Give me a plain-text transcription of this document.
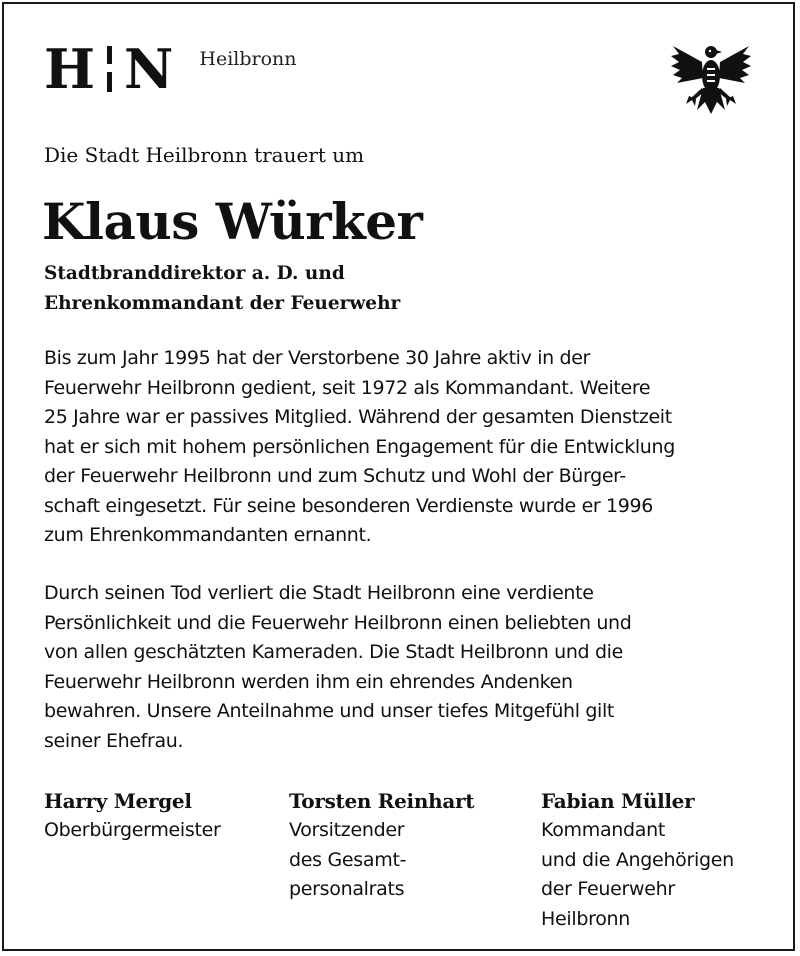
H N Heilbronn
Die Stadt Heilbronn trauert um
Klaus Würker
Stadtbranddirektor a. D. und
Ehrenkommandant der Feuerwehr
Bis zum Jahr 1995 hat der Verstorbene 30 Jahre aktiv in der
Feuerwehr Heilbronn gedient, seit 1972 als Kommandant. Weitere
25 Jahre war er passives Mitglied. Während der gesamten Dienstzeit
hat er sich mit hohem persönlichen Engagement für die Entwicklung
der Feuerwehr Heilbronn und zum Schutz und Wohl der Bürger-
schaft eingesetzt. Für seine besonderen Verdienste wurde er 1996
zum Ehrenkommandanten ernannt.
Durch seinen Tod verliert die Stadt Heilbronn eine verdiente
Persönlichkeit und die Feuerwehr Heilbronn einen beliebten und
von allen geschätzten Kameraden. Die Stadt Heilbronn und die
Feuerwehr Heilbronn werden ihm ein ehrendes Andenken
bewahren. Unsere Anteilnahme und unser tiefes Mitgefühl gilt
seiner Ehefrau.
Harry Mergel
Oberbürgermeister
Torsten Reinhart
Vorsitzender
des Gesamt-
personalrats
Fabian Müller
Kommandant
und die Angehörigen
der Feuerwehr
Heilbronn
